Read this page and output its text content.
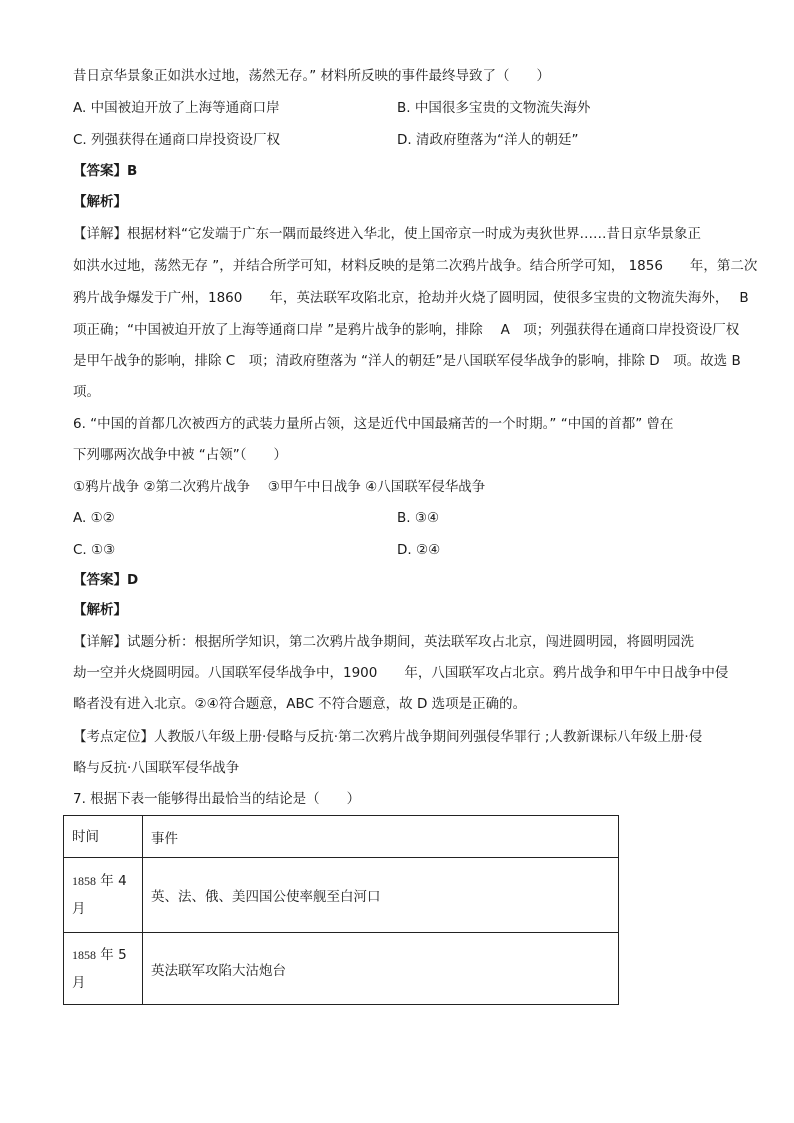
昔日京华景象正如洪水过地，荡然无存。” 材料所反映的事件最终导致了（　　）
A. 中国被迫开放了上海等通商口岸	B. 中国很多宝贵的文物流失海外
C. 列强获得在通商口岸投资设厂权	D. 清政府堕落为“洋人的朝廷”
【答案】B
【解析】
【详解】根据材料“它发端于广东一隅而最终进入华北，使上国帝京一时成为夷狄世界……昔日京华景象正
如洪水过地，荡然无存 ”，并结合所学可知，材料反映的是第二次鸦片战争。结合所学可知， 1856　　年，第二次
鸦片战争爆发于广州，1860　　年，英法联军攻陷北京，抢劫并火烧了圆明园，使很多宝贵的文物流失海外，　 B
项正确；“中国被迫开放了上海等通商口岸 ”是鸦片战争的影响，排除　 A　项；列强获得在通商口岸投资设厂权
是甲午战争的影响，排除 C　项；清政府堕落为 “洋人的朝廷”是八国联军侵华战争的影响，排除 D　项。故选 B
项。
6. “中国的首都几次被西方的武装力量所占领，这是近代中国最痛苦的一个时期。” “中国的首都” 曾在
下列哪两次战争中被 “占领”（　　）
①鸦片战争 ②第二次鸦片战争 　③甲午中日战争 ④八国联军侵华战争
A. ①②	B. ③④
C. ①③	D. ②④
【答案】D
【解析】
【详解】试题分析：根据所学知识，第二次鸦片战争期间，英法联军攻占北京，闯进圆明园，将圆明园洗
劫一空并火烧圆明园。八国联军侵华战争中，1900　　年，八国联军攻占北京。鸦片战争和甲午中日战争中侵
略者没有进入北京。②④符合题意，ABC 不符合题意，故 D 选项是正确的。
【考点定位】人教版八年级上册·侵略与反抗·第二次鸦片战争期间列强侵华罪行 ;人教新课标八年级上册·侵
略与反抗·八国联军侵华战争
7. 根据下表一能够得出最恰当的结论是（　　）
时间	事件

1858 年 4
月	英、法、俄、美四国公使率舰至白河口

1858 年 5
月	英法联军攻陷大沽炮台
